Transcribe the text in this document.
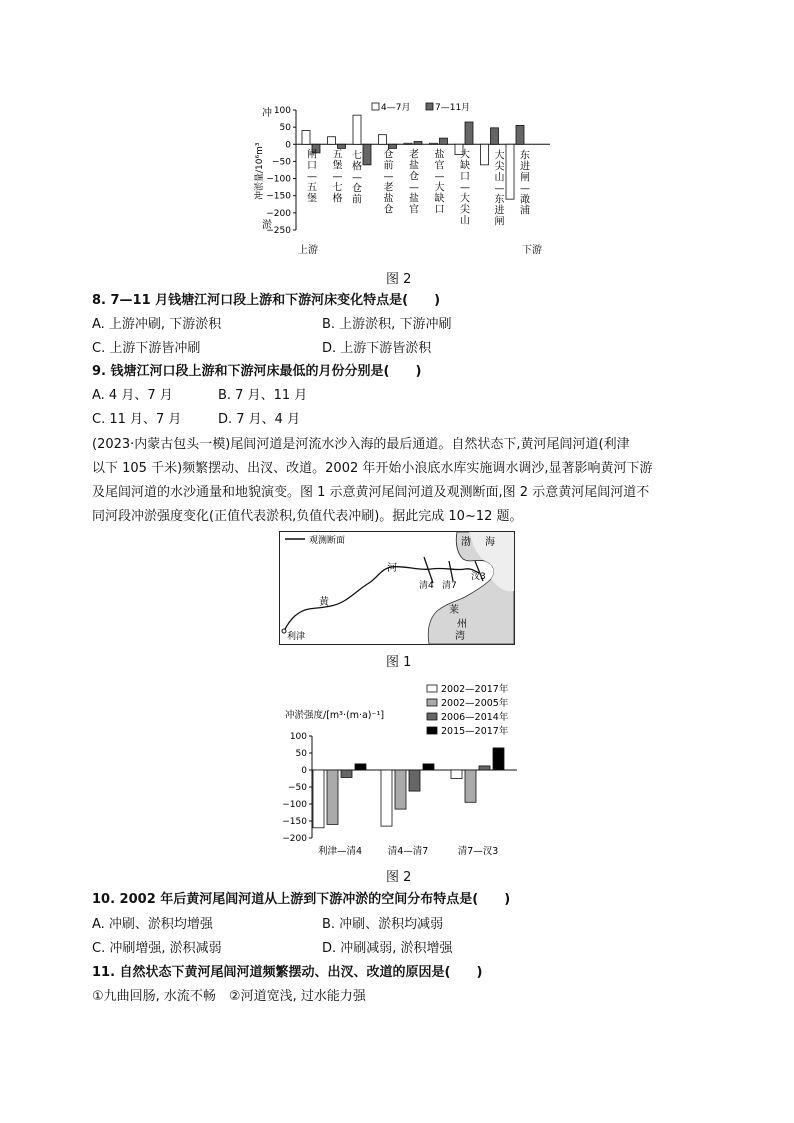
100
50
0
−50
−100
−150
−200
−250
冲
淤
冲淤量/10⁶m³	闸
口
—
五
堡
五
堡
—
七
格
七
格
—
仓
前
仓
前
—
老
盐
仓
老
盐
仓
—
盐
官
盐
官
—
大
缺
口
大
缺
口
—
大
尖
山
大
尖
山
—
东
进
闸
东
进
闸
—
澉
浦
4—7月	7—11月
上游	下游
图 2
8. 7—11 月钱塘江河口段上游和下游河床变化特点是(　　)
A. 上游冲刷, 下游淤积	B. 上游淤积, 下游冲刷
C. 上游下游皆冲刷	D. 上游下游皆淤积
9. 钱塘江河口段上游和下游河床最低的月份分别是(　　)
A. 4 月、7 月	B. 7 月、11 月
C. 11 月、7 月	D. 7 月、4 月
(2023·内蒙古包头一模)尾闾河道是河流水沙入海的最后通道。自然状态下,黄河尾闾河道(利津
以下 105 千米)频繁摆动、出汊、改道。2002 年开始小浪底水库实施调水调沙,显著影响黄河下游
及尾闾河道的水沙通量和地貌演变。图 1 示意黄河尾闾河道及观测断面,图 2 示意黄河尾闾河道不
同河段冲淤强度变化(正值代表淤积,负值代表冲刷)。据此完成 10~12 题。
观测断面
黄
河
渤 海
莱
州
湾
利津
清4 清7
汊3
图 1
100
50
0
−50
−100
−150
−200
冲淤强度/[m³·(m·a)⁻¹]
利津—清4	清4—清7	清7—汊3
2002—2017年
2002—2005年
2006—2014年
2015—2017年
图 2
10. 2002 年后黄河尾闾河道从上游到下游冲淤的空间分布特点是(　　)
A. 冲刷、淤积均增强	B. 冲刷、淤积均减弱
C. 冲刷增强, 淤积减弱	D. 冲刷减弱, 淤积增强
11. 自然状态下黄河尾闾河道频繁摆动、出汊、改道的原因是(　　)
①九曲回肠, 水流不畅　②河道宽浅, 过水能力强
